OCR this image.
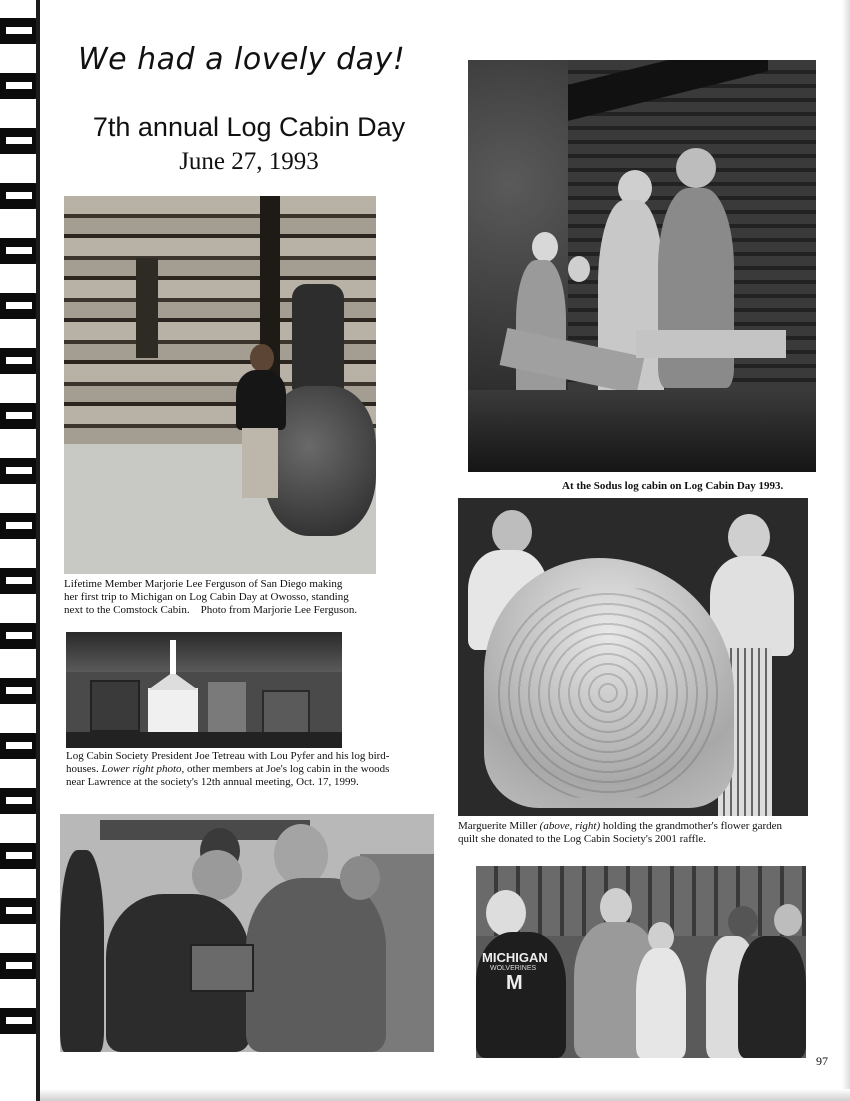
We had a lovely day!
7th annual Log Cabin Day
June 27, 1993
Lifetime Member Marjorie Lee Ferguson of San Diego making
her first trip to Michigan on Log Cabin Day at Owosso, standing
next to the Comstock Cabin. Photo from Marjorie Lee Ferguson.
At the Sodus log cabin on Log Cabin Day 1993.
Log Cabin Society President Joe Tetreau with Lou Pyfer and his log bird-
houses. Lower right photo, other members at Joe's log cabin in the woods
near Lawrence at the society's 12th annual meeting, Oct. 17, 1999.
Marguerite Miller (above, right) holding the grandmother's flower garden
quilt she donated to the Log Cabin Society's 2001 raffle.
MICHIGAN
WOLVERINES
M
97
